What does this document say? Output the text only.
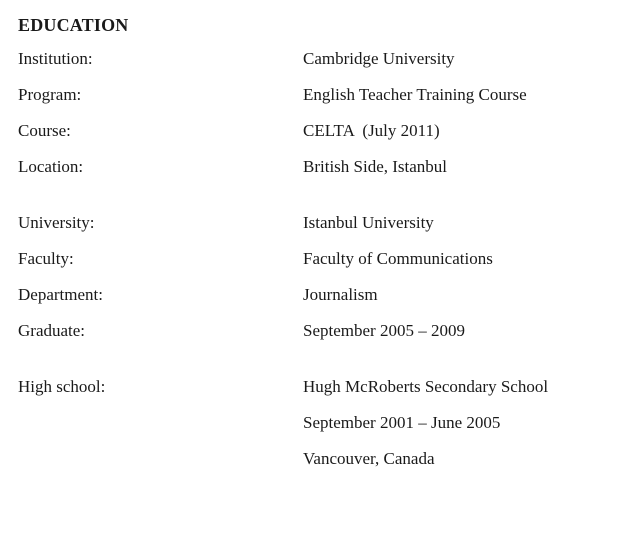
EDUCATION
Institution:	Cambridge University
Program:	English Teacher Training Course
Course:	CELTA  (July 2011)
Location:	British Side, Istanbul
University:	Istanbul University
Faculty:	Faculty of Communications
Department:	Journalism
Graduate:	September 2005 – 2009
High school:	Hugh McRoberts Secondary School
September 2001 – June 2005
Vancouver, Canada
